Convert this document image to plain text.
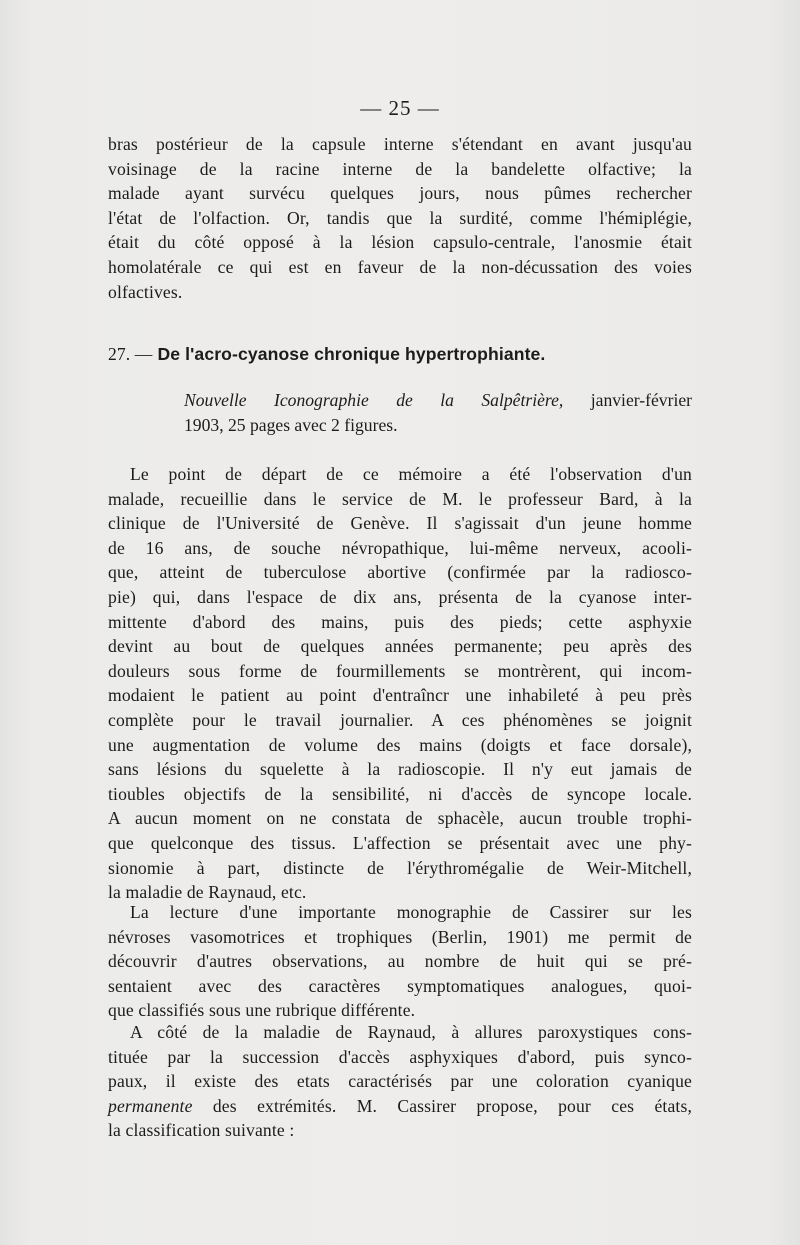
— 25 —
bras postérieur de la capsule interne s'étendant en avant jusqu'au
voisinage de la racine interne de la bandelette olfactive; la
malade ayant survécu quelques jours, nous pûmes rechercher
l'état de l'olfaction. Or, tandis que la surdité, comme l'hémiplégie,
était du côté opposé à la lésion capsulo-centrale, l'anosmie était
homolatérale ce qui est en faveur de la non-décussation des voies
olfactives.
27. — De l'acro-cyanose chronique hypertrophiante.
Nouvelle Iconographie de la Salpêtrière, janvier-février
1903, 25 pages avec 2 figures.
Le point de départ de ce mémoire a été l'observation d'un
malade, recueillie dans le service de M. le professeur Bard, à la
clinique de l'Université de Genève. Il s'agissait d'un jeune homme
de 16 ans, de souche névropathique, lui-même nerveux, acooli-
que, atteint de tuberculose abortive (confirmée par la radiosco-
pie) qui, dans l'espace de dix ans, présenta de la cyanose inter-
mittente d'abord des mains, puis des pieds; cette asphyxie
devint au bout de quelques années permanente; peu après des
douleurs sous forme de fourmillements se montrèrent, qui incom-
modaient le patient au point d'entraîncr une inhabileté à peu près
complète pour le travail journalier. A ces phénomènes se joignit
une augmentation de volume des mains (doigts et face dorsale),
sans lésions du squelette à la radioscopie. Il n'y eut jamais de
tioubles objectifs de la sensibilité, ni d'accès de syncope locale.
A aucun moment on ne constata de sphacèle, aucun trouble trophi-
que quelconque des tissus. L'affection se présentait avec une phy-
sionomie à part, distincte de l'érythromégalie de Weir-Mitchell,
la maladie de Raynaud, etc.
La lecture d'une importante monographie de Cassirer sur les
névroses vasomotrices et trophiques (Berlin, 1901) me permit de
découvrir d'autres observations, au nombre de huit qui se pré-
sentaient avec des caractères symptomatiques analogues, quoi-
que classifiés sous une rubrique différente.
A côté de la maladie de Raynaud, à allures paroxystiques cons-
tituée par la succession d'accès asphyxiques d'abord, puis synco-
paux, il existe des etats caractérisés par une coloration cyanique
permanente des extrémités. M. Cassirer propose, pour ces états,
la classification suivante :
